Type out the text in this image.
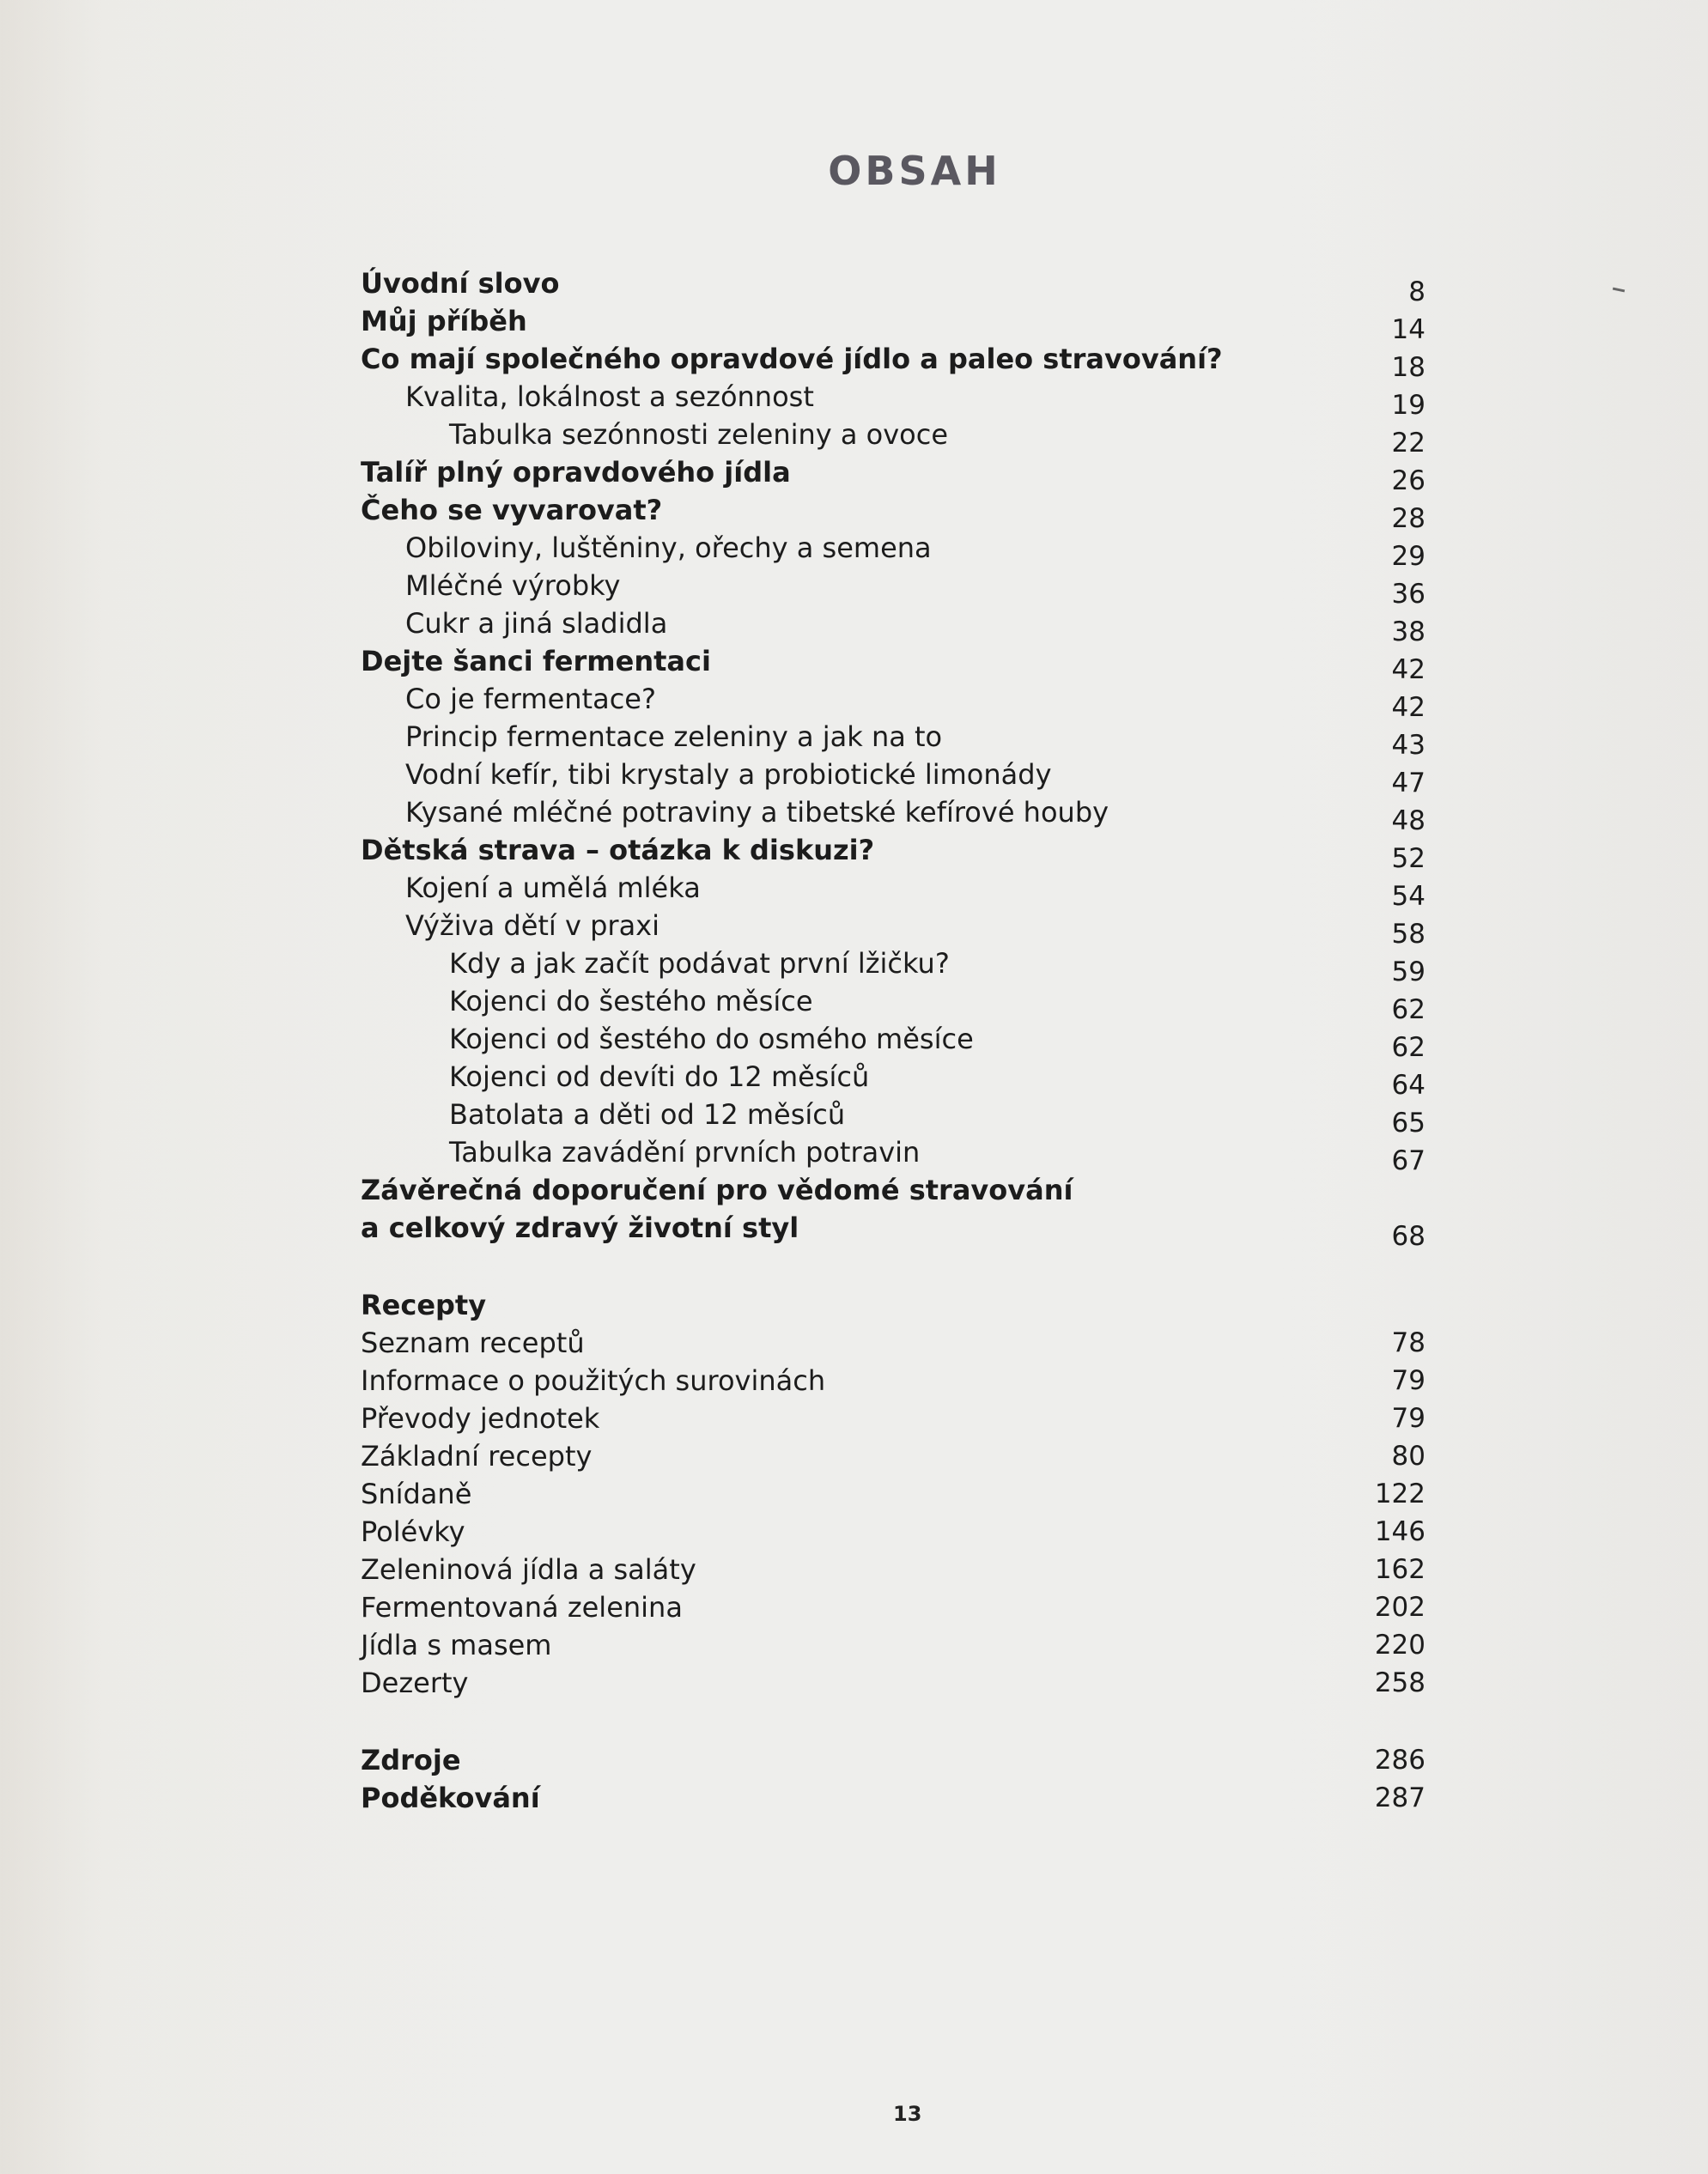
OBSAH
Úvodní slovo	8
Můj příběh	14
Co mají společného opravdové jídlo a paleo stravování?	18
Kvalita, lokálnost a sezónnost	19
Tabulka sezónnosti zeleniny a ovoce	22
Talíř plný opravdového jídla	26
Čeho se vyvarovat?	28
Obiloviny, luštěniny, ořechy a semena	29
Mléčné výrobky	36
Cukr a jiná sladidla	38
Dejte šanci fermentaci	42
Co je fermentace?	42
Princip fermentace zeleniny a jak na to	43
Vodní kefír, tibi krystaly a probiotické limonády	47
Kysané mléčné potraviny a tibetské kefírové houby	48
Dětská strava – otázka k diskuzi?	52
Kojení a umělá mléka	54
Výživa dětí v praxi	58
Kdy a jak začít podávat první lžičku?	59
Kojenci do šestého měsíce	62
Kojenci od šestého do osmého měsíce	62
Kojenci od devíti do 12 měsíců	64
Batolata a děti od 12 měsíců	65
Tabulka zavádění prvních potravin	67
Závěrečná doporučení pro vědomé stravování
a celkový zdravý životní styl	68
Recepty
Seznam receptů	78
Informace o použitých surovinách	79
Převody jednotek	79
Základní recepty	80
Snídaně	122
Polévky	146
Zeleninová jídla a saláty	162
Fermentovaná zelenina	202
Jídla s masem	220
Dezerty	258
Zdroje	286
Poděkování	287
13
